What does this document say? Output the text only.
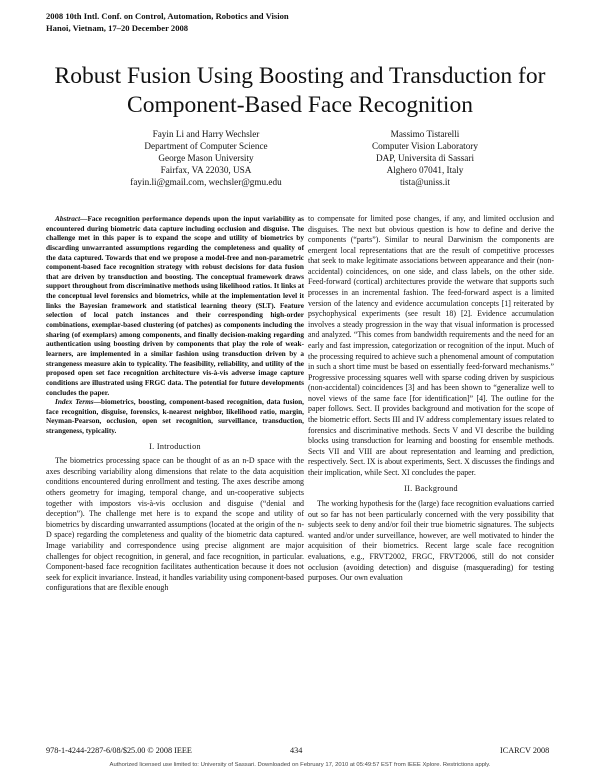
2008 10th Intl. Conf. on Control, Automation, Robotics and Vision
Hanoi, Vietnam, 17–20 December 2008
Robust Fusion Using Boosting and Transduction for
Component-Based Face Recognition
Fayin Li and Harry Wechsler
Department of Computer Science
George Mason University
Fairfax, VA 22030, USA
fayin.li@gmail.com, wechsler@gmu.edu
Massimo Tistarelli
Computer Vision Laboratory
DAP, Universita di Sassari
Alghero 07041, Italy
tista@uniss.it

Abstract—Face recognition performance depends upon the input variability as encountered during biometric data capture including occlusion and disguise. The challenge met in this paper is to expand the scope and utility of biometrics by discarding unwarranted assumptions regarding the completeness and quality of the data captured. Towards that end we propose a model-free and non-parametric component-based face recognition strategy with robust decisions for data fusion that are driven by transduction and boosting. The conceptual framework draws support throughout from discriminative methods using likelihood ratios. It links at the conceptual level forensics and biometrics, while at the implementation level it links the Bayesian framework and statistical learning theory (SLT). Feature selection of local patch instances and their corresponding high-order combinations, exemplar-based clustering (of patches) as components including the sharing (of exemplars) among components, and finally decision-making regarding authentication using boosting driven by components that play the role of weak-learners, are implemented in a similar fashion using transduction driven by a strangeness measure akin to typicality. The feasibility, reliability, and utility of the proposed open set face recognition architecture vis-à-vis adverse image capture conditions are illustrated using FRGC data. The potential for future developments concludes the paper.

Index Terms—biometrics, boosting, component-based recognition, data fusion, face recognition, disguise, forensics, k-nearest neighbor, likelihood ratio, margin, Neyman-Pearson, occlusion, open set recognition, surveillance, transduction, strangeness, typicality.

I. Introduction

The biometrics processing space can be thought of as an n-D space with the axes describing variability along dimensions that relate to the data acquisition conditions encountered during enrollment and testing. The axes describe among others geometry for imaging, temporal change, and un-cooperative subjects together with impostors vis-à-vis occlusion and disguise (“denial and deception”). The challenge met here is to expand the scope and utility of biometrics by discarding unwarranted assumptions (located at the origin of the n-D space) regarding the completeness and quality of the biometric data captured. Image variability and correspondence using precise alignment are major challenges for object recognition, in general, and face recognition, in particular. Component-based face recognition facilitates authentication because it does not seek for explicit invariance. Instead, it handles variability using component-based configurations that are flexible enough

to compensate for limited pose changes, if any, and limited occlusion and disguises. The next but obvious question is how to define and derive the components (“parts”). Similar to neural Darwinism the components are emergent local representations that are the result of competitive processes that seek to make legitimate associations between appearance and their (non-accidental) coincidences, on one side, and class labels, on the other side. Feed-forward (cortical) architectures provide the wetware that supports such processes in an incremental fashion. The feed-forward aspect is a limited version of the latency and evidence accumulation concepts [1] reiterated by psychophysical experiments (see result 18) [2]. Evidence accumulation involves a steady progression in the way that visual information is processed and analyzed. “This comes from bandwidth requirements and the need for an early and fast impression, categorization or recognition of the input. Much of the processing required to achieve such a phenomenal amount of computation in such a short time must be based on essentially feed-forward mechanisms.” Progressive processing squares well with sparse coding driven by suspicious (non-accidental) coincidences [3] and has been shown to “generalize well to novel views of the same face [for identification]” [4]. The outline for the paper follows. Sect. II provides background and motivation for the scope of the biometric effort. Sects III and IV address complementary issues related to forensics and discriminative methods. Sects V and VI describe the building blocks using transduction for learning and boosting for ensemble methods. Sects VII and VIII are about representation and learning and prediction, respectively. Sect. IX is about experiments, Sect. X discusses the findings and their implication, while Sect. XI concludes the paper.

II. Background

The working hypothesis for the (large) face recognition evaluations carried out so far has not been particularly concerned with the very possibility that subjects seek to deny and/or foil their true biometric signatures. The subjects wanted and/or under surveillance, however, are well motivated to hinder the acquisition of their biometrics. Recent large scale face recognition evaluations, e.g., FRVT2002, FRGC, FRVT2006, still do not consider occlusion (avoiding detection) and disguise (masquerading) for testing purposes. Our own evaluation

978-1-4244-2287-6/08/$25.00 © 2008 IEEE	434	ICARCV 2008
Authorized licensed use limited to: University of Sassari. Downloaded on February 17, 2010 at 05:49:57 EST from IEEE Xplore. Restrictions apply.
